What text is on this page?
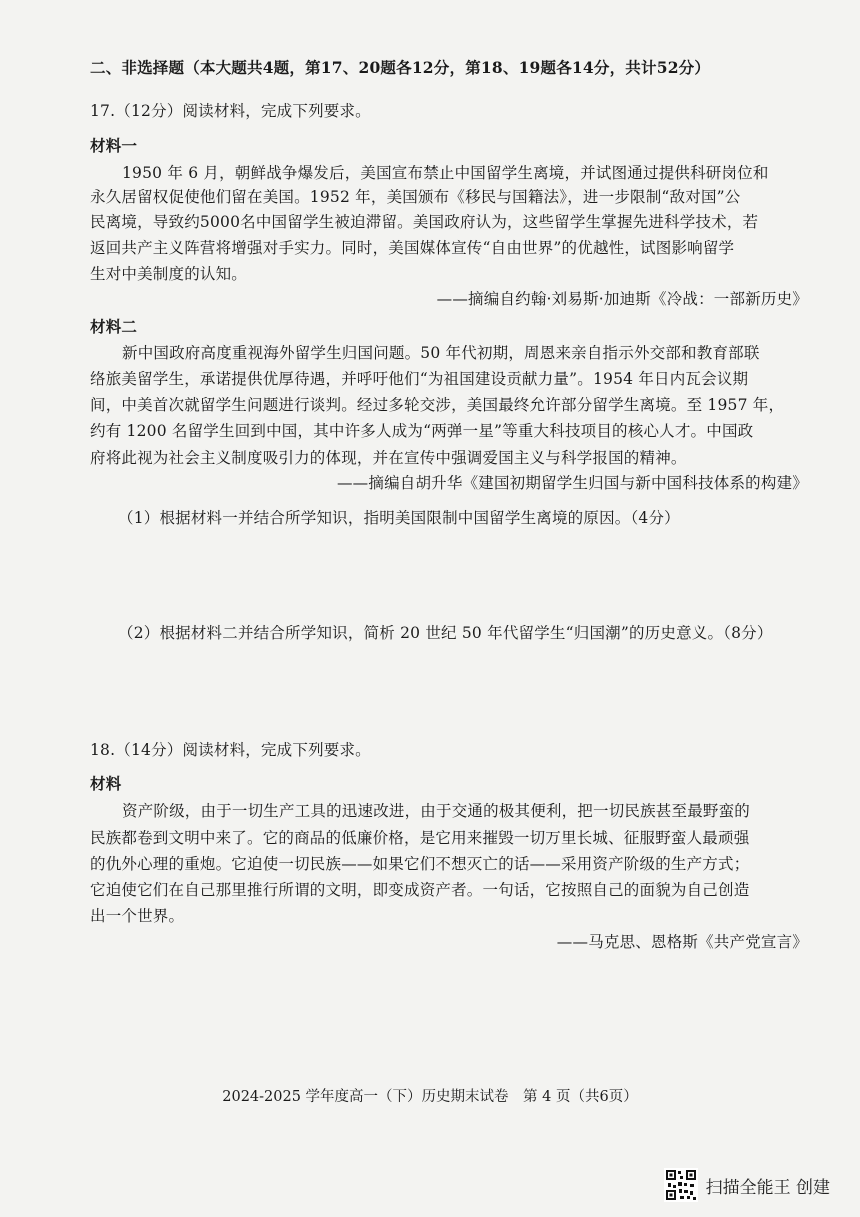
二、非选择题（本大题共4题，第17、20题各12分，第18、19题各14分，共计52分）
17.（12分）阅读材料，完成下列要求。
材料一
1950 年 6 月，朝鲜战争爆发后，美国宣布禁止中国留学生离境，并试图通过提供科研岗位和
永久居留权促使他们留在美国。1952 年，美国颁布《移民与国籍法》，进一步限制“敌对国”公
民离境，导致约5000名中国留学生被迫滞留。美国政府认为，这些留学生掌握先进科学技术，若
返回共产主义阵营将增强对手实力。同时，美国媒体宣传“自由世界”的优越性，试图影响留学
生对中美制度的认知。
——摘编自约翰·刘易斯·加迪斯《冷战：一部新历史》
材料二
新中国政府高度重视海外留学生归国问题。50 年代初期，周恩来亲自指示外交部和教育部联
络旅美留学生，承诺提供优厚待遇，并呼吁他们“为祖国建设贡献力量”。1954 年日内瓦会议期
间，中美首次就留学生问题进行谈判。经过多轮交涉，美国最终允许部分留学生离境。至 1957 年，
约有 1200 名留学生回到中国，其中许多人成为“两弹一星”等重大科技项目的核心人才。中国政
府将此视为社会主义制度吸引力的体现，并在宣传中强调爱国主义与科学报国的精神。
——摘编自胡升华《建国初期留学生归国与新中国科技体系的构建》
（1）根据材料一并结合所学知识，指明美国限制中国留学生离境的原因。（4分）
（2）根据材料二并结合所学知识，简析 20 世纪 50 年代留学生“归国潮”的历史意义。（8分）
18.（14分）阅读材料，完成下列要求。
材料
资产阶级，由于一切生产工具的迅速改进，由于交通的极其便利，把一切民族甚至最野蛮的
民族都卷到文明中来了。它的商品的低廉价格，是它用来摧毁一切万里长城、征服野蛮人最顽强
的仇外心理的重炮。它迫使一切民族——如果它们不想灭亡的话——采用资产阶级的生产方式；
它迫使它们在自己那里推行所谓的文明，即变成资产者。一句话，它按照自己的面貌为自己创造
出一个世界。
——马克思、恩格斯《共产党宣言》
2024-2025 学年度高一（下）历史期末试卷　第 4 页（共6页）
扫描全能王 创建
